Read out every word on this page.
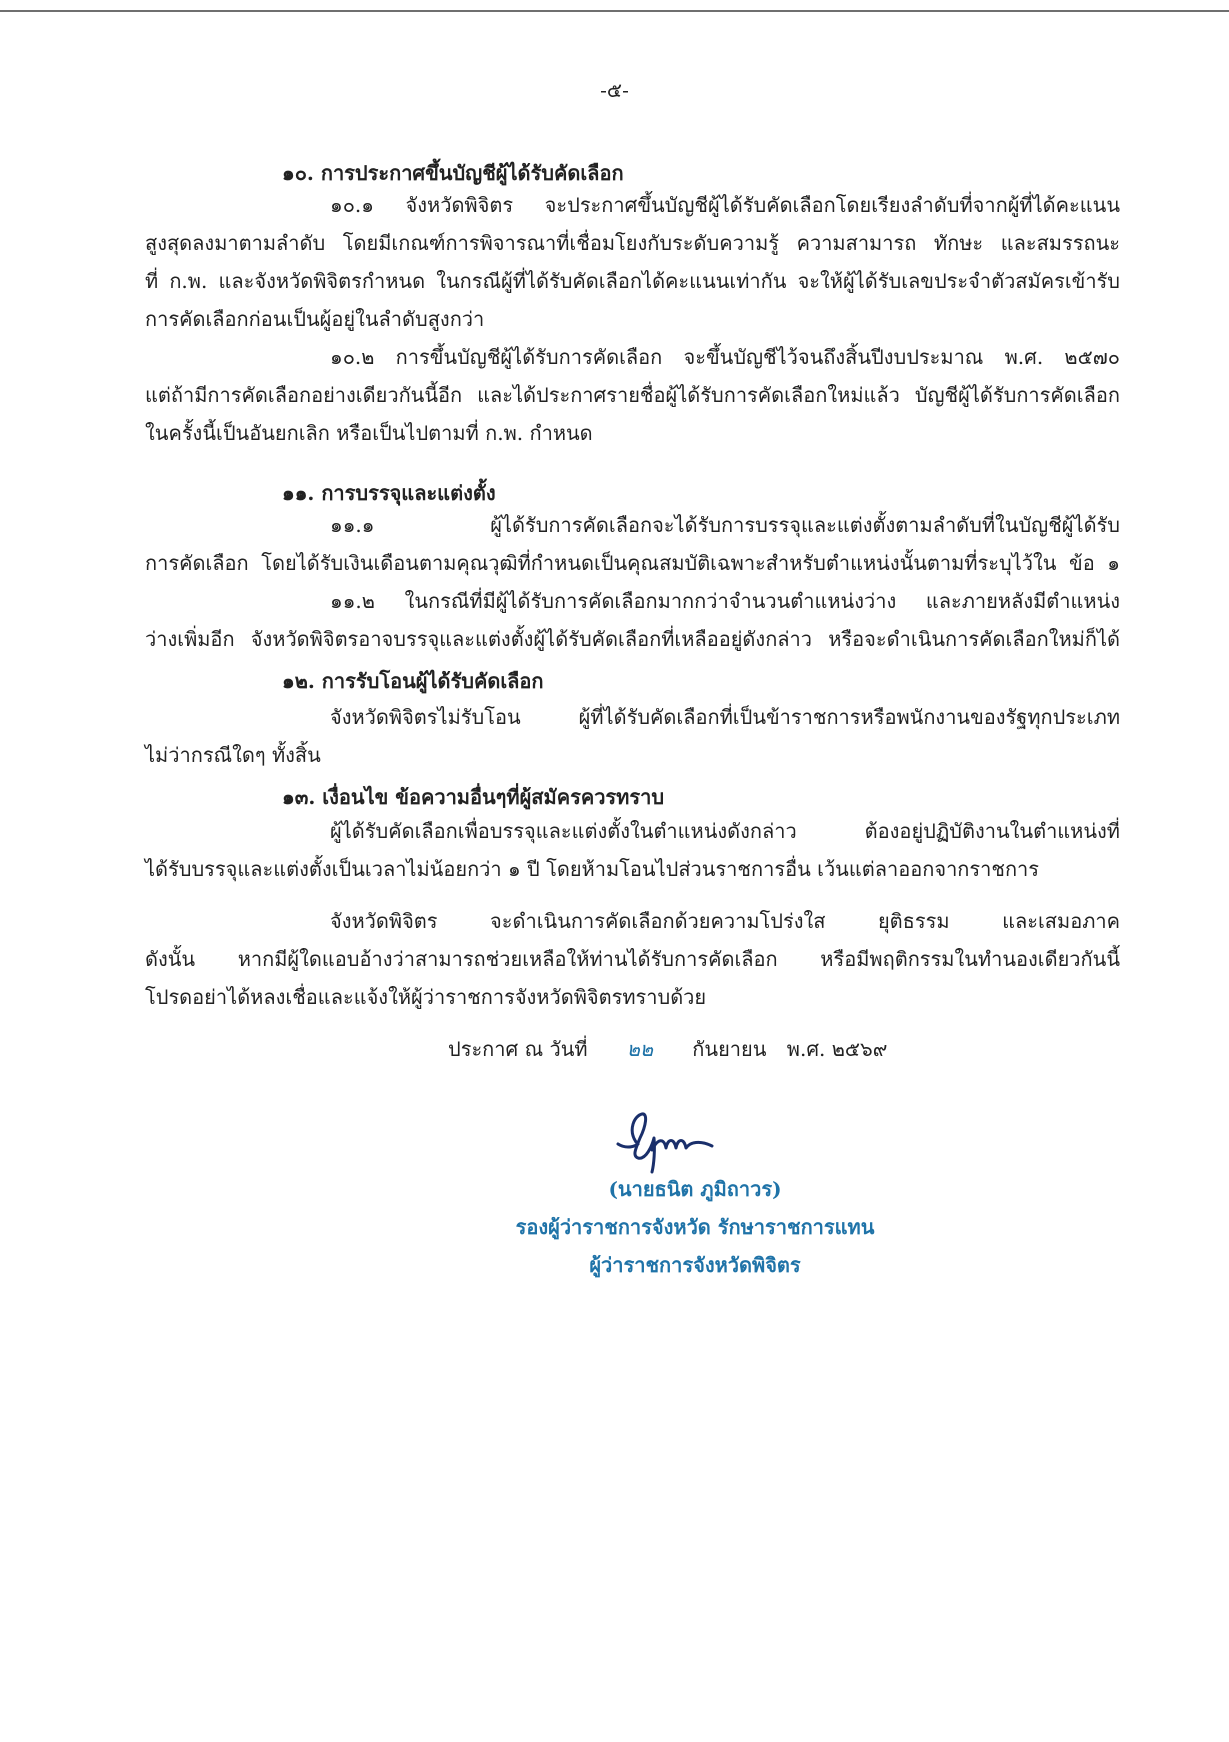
-๕-
๑๐. การประกาศขึ้นบัญชีผู้ได้รับคัดเลือก
๑๐.๑ จังหวัดพิจิตร จะประกาศขึ้นบัญชีผู้ได้รับคัดเลือกโดยเรียงลำดับที่จากผู้ที่ได้คะแนน
สูงสุดลงมาตามลำดับ โดยมีเกณฑ์การพิจารณาที่เชื่อมโยงกับระดับความรู้ ความสามารถ ทักษะ และสมรรถนะ
ที่ ก.พ. และจังหวัดพิจิตรกำหนด ในกรณีผู้ที่ได้รับคัดเลือกได้คะแนนเท่ากัน จะให้ผู้ได้รับเลขประจำตัวสมัครเข้ารับ
การคัดเลือกก่อนเป็นผู้อยู่ในลำดับสูงกว่า
๑๐.๒ การขึ้นบัญชีผู้ได้รับการคัดเลือก จะขึ้นบัญชีไว้จนถึงสิ้นปีงบประมาณ พ.ศ. ๒๕๗๐
แต่ถ้ามีการคัดเลือกอย่างเดียวกันนี้อีก และได้ประกาศรายชื่อผู้ได้รับการคัดเลือกใหม่แล้ว บัญชีผู้ได้รับการคัดเลือก
ในครั้งนี้เป็นอันยกเลิก หรือเป็นไปตามที่ ก.พ. กำหนด
๑๑. การบรรจุและแต่งตั้ง
๑๑.๑ ผู้ได้รับการคัดเลือกจะได้รับการบรรจุและแต่งตั้งตามลำดับที่ในบัญชีผู้ได้รับ
การคัดเลือก โดยได้รับเงินเดือนตามคุณวุฒิที่กำหนดเป็นคุณสมบัติเฉพาะสำหรับตำแหน่งนั้นตามที่ระบุไว้ใน ข้อ ๑
๑๑.๒ ในกรณีที่มีผู้ได้รับการคัดเลือกมากกว่าจำนวนตำแหน่งว่าง และภายหลังมีตำแหน่ง
ว่างเพิ่มอีก จังหวัดพิจิตรอาจบรรจุและแต่งตั้งผู้ได้รับคัดเลือกที่เหลืออยู่ดังกล่าว หรือจะดำเนินการคัดเลือกใหม่ก็ได้
๑๒. การรับโอนผู้ได้รับคัดเลือก
จังหวัดพิจิตรไม่รับโอน ผู้ที่ได้รับคัดเลือกที่เป็นข้าราชการหรือพนักงานของรัฐทุกประเภท
ไม่ว่ากรณีใดๆ ทั้งสิ้น
๑๓. เงื่อนไข ข้อความอื่นๆที่ผู้สมัครควรทราบ
ผู้ได้รับคัดเลือกเพื่อบรรจุและแต่งตั้งในตำแหน่งดังกล่าว ต้องอยู่ปฏิบัติงานในตำแหน่งที่
ได้รับบรรจุและแต่งตั้งเป็นเวลาไม่น้อยกว่า ๑ ปี โดยห้ามโอนไปส่วนราชการอื่น เว้นแต่ลาออกจากราชการ
จังหวัดพิจิตร จะดำเนินการคัดเลือกด้วยความโปร่งใส ยุติธรรม และเสมอภาค
ดังนั้น หากมีผู้ใดแอบอ้างว่าสามารถช่วยเหลือให้ท่านได้รับการคัดเลือก หรือมีพฤติกรรมในทำนองเดียวกันนี้
โปรดอย่าได้หลงเชื่อและแจ้งให้ผู้ว่าราชการจังหวัดพิจิตรทราบด้วย
ประกาศ ณ วันที่ ๒๒ กันยายน พ.ศ. ๒๕๖๙
(นายธนิต ภูมิถาวร)
รองผู้ว่าราชการจังหวัด รักษาราชการแทน
ผู้ว่าราชการจังหวัดพิจิตร
